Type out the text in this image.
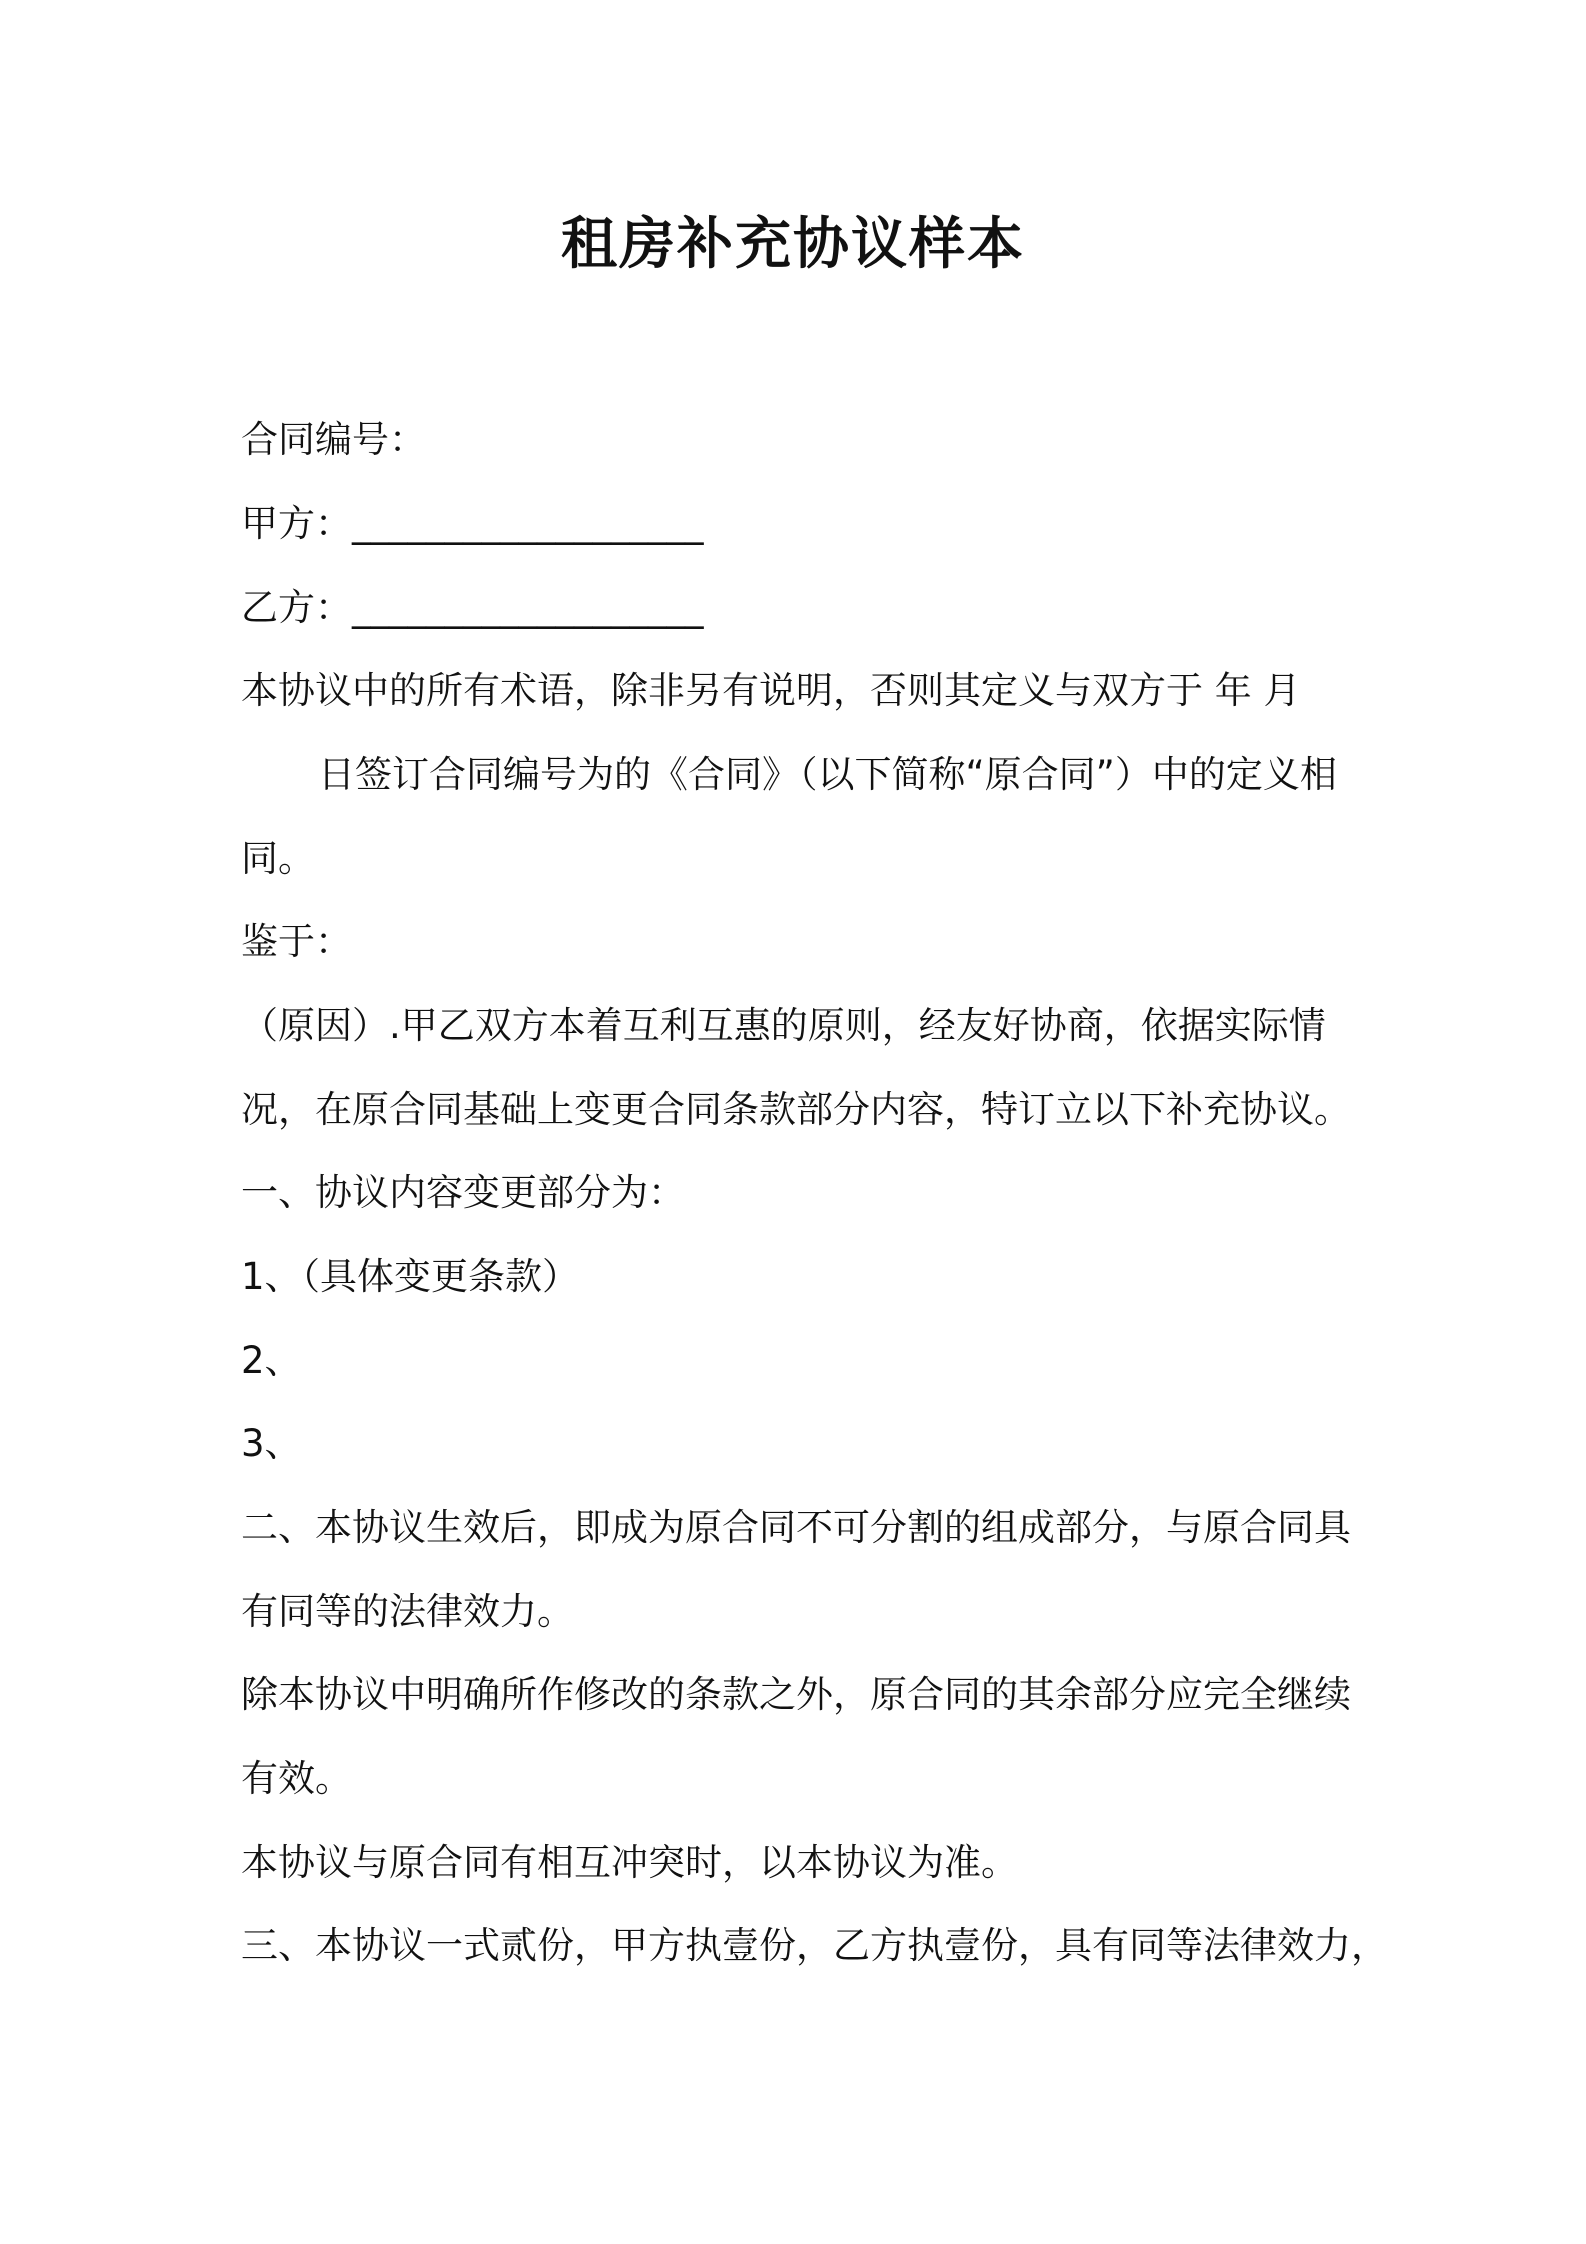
租房补充协议样本
合同编号：
甲方：___________________
乙方：___________________
本协议中的所有术语，除非另有说明，否则其定义与双方于 年 月
日签订合同编号为的《合同》（以下简称“原合同”）中的定义相
同。
鉴于：
（原因）.甲乙双方本着互利互惠的原则，经友好协商，依据实际情
况，在原合同基础上变更合同条款部分内容，特订立以下补充协议。
一、协议内容变更部分为：
1、（具体变更条款）
2、
3、
二、本协议生效后，即成为原合同不可分割的组成部分，与原合同具
有同等的法律效力。
除本协议中明确所作修改的条款之外，原合同的其余部分应完全继续
有效。
本协议与原合同有相互冲突时，以本协议为准。
三、本协议一式贰份，甲方执壹份，乙方执壹份，具有同等法律效力，
